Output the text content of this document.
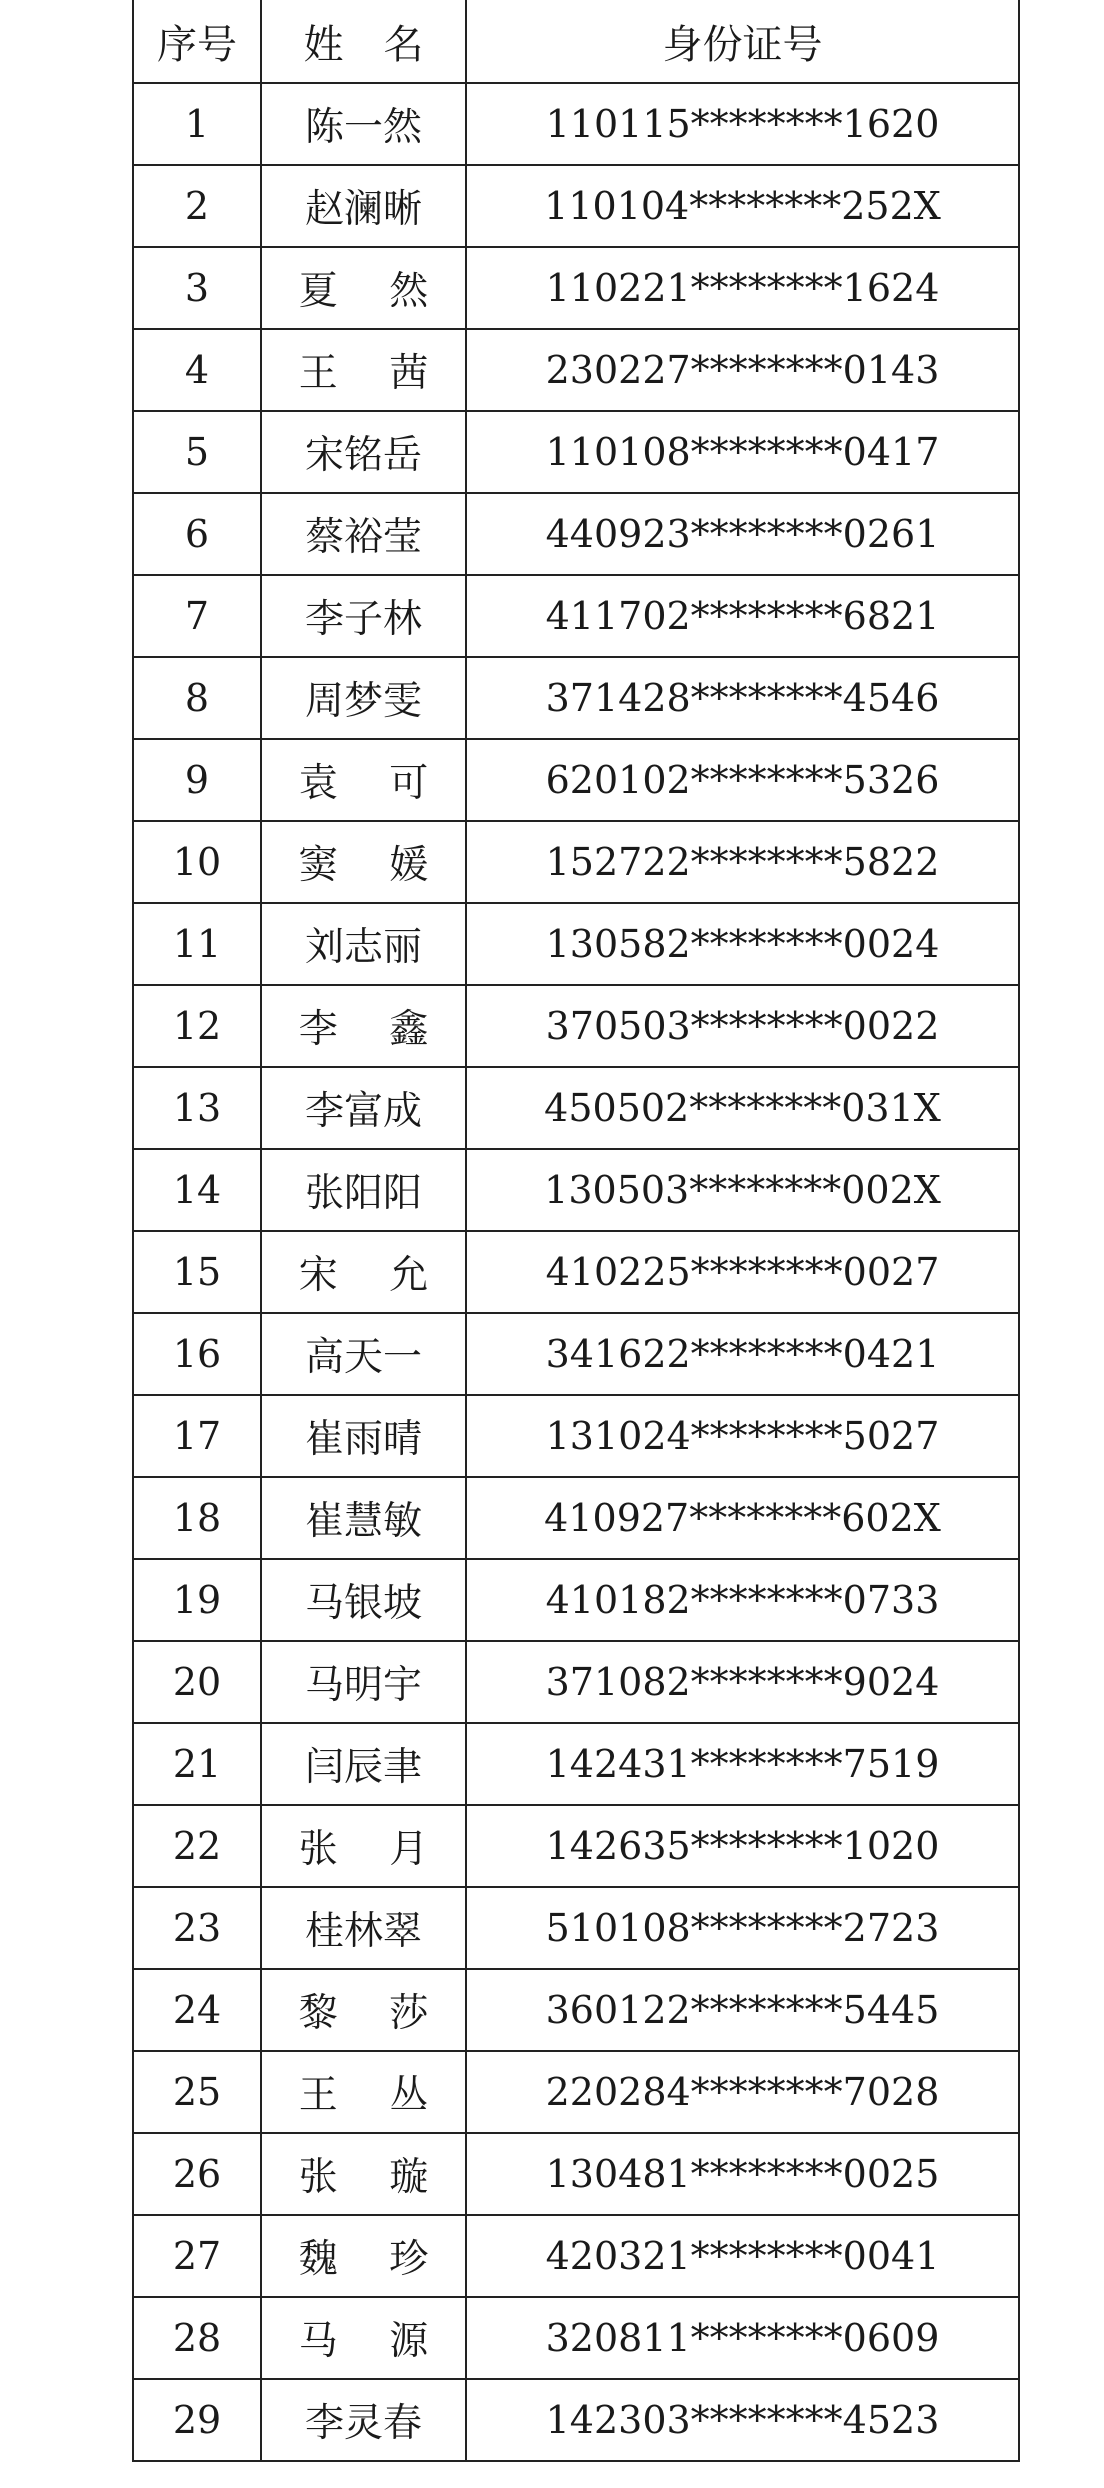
序号	姓　名	身份证号
1	陈一然	110115********1620
2	赵澜晰	110104********252X
3	夏　 然	110221********1624
4	王　 茜	230227********0143
5	宋铭岳	110108********0417
6	蔡裕莹	440923********0261
7	李子林	411702********6821
8	周梦雯	371428********4546
9	袁　 可	620102********5326
10	窦　 媛	152722********5822
11	刘志丽	130582********0024
12	李　 鑫	370503********0022
13	李富成	450502********031X
14	张阳阳	130503********002X
15	宋　 允	410225********0027
16	高天一	341622********0421
17	崔雨晴	131024********5027
18	崔慧敏	410927********602X
19	马银坡	410182********0733
20	马明宇	371082********9024
21	闫辰聿	142431********7519
22	张　 月	142635********1020
23	桂林翠	510108********2723
24	黎　 莎	360122********5445
25	王　 丛	220284********7028
26	张　 璇	130481********0025
27	魏　 珍	420321********0041
28	马　 源	320811********0609
29	李灵春	142303********4523
